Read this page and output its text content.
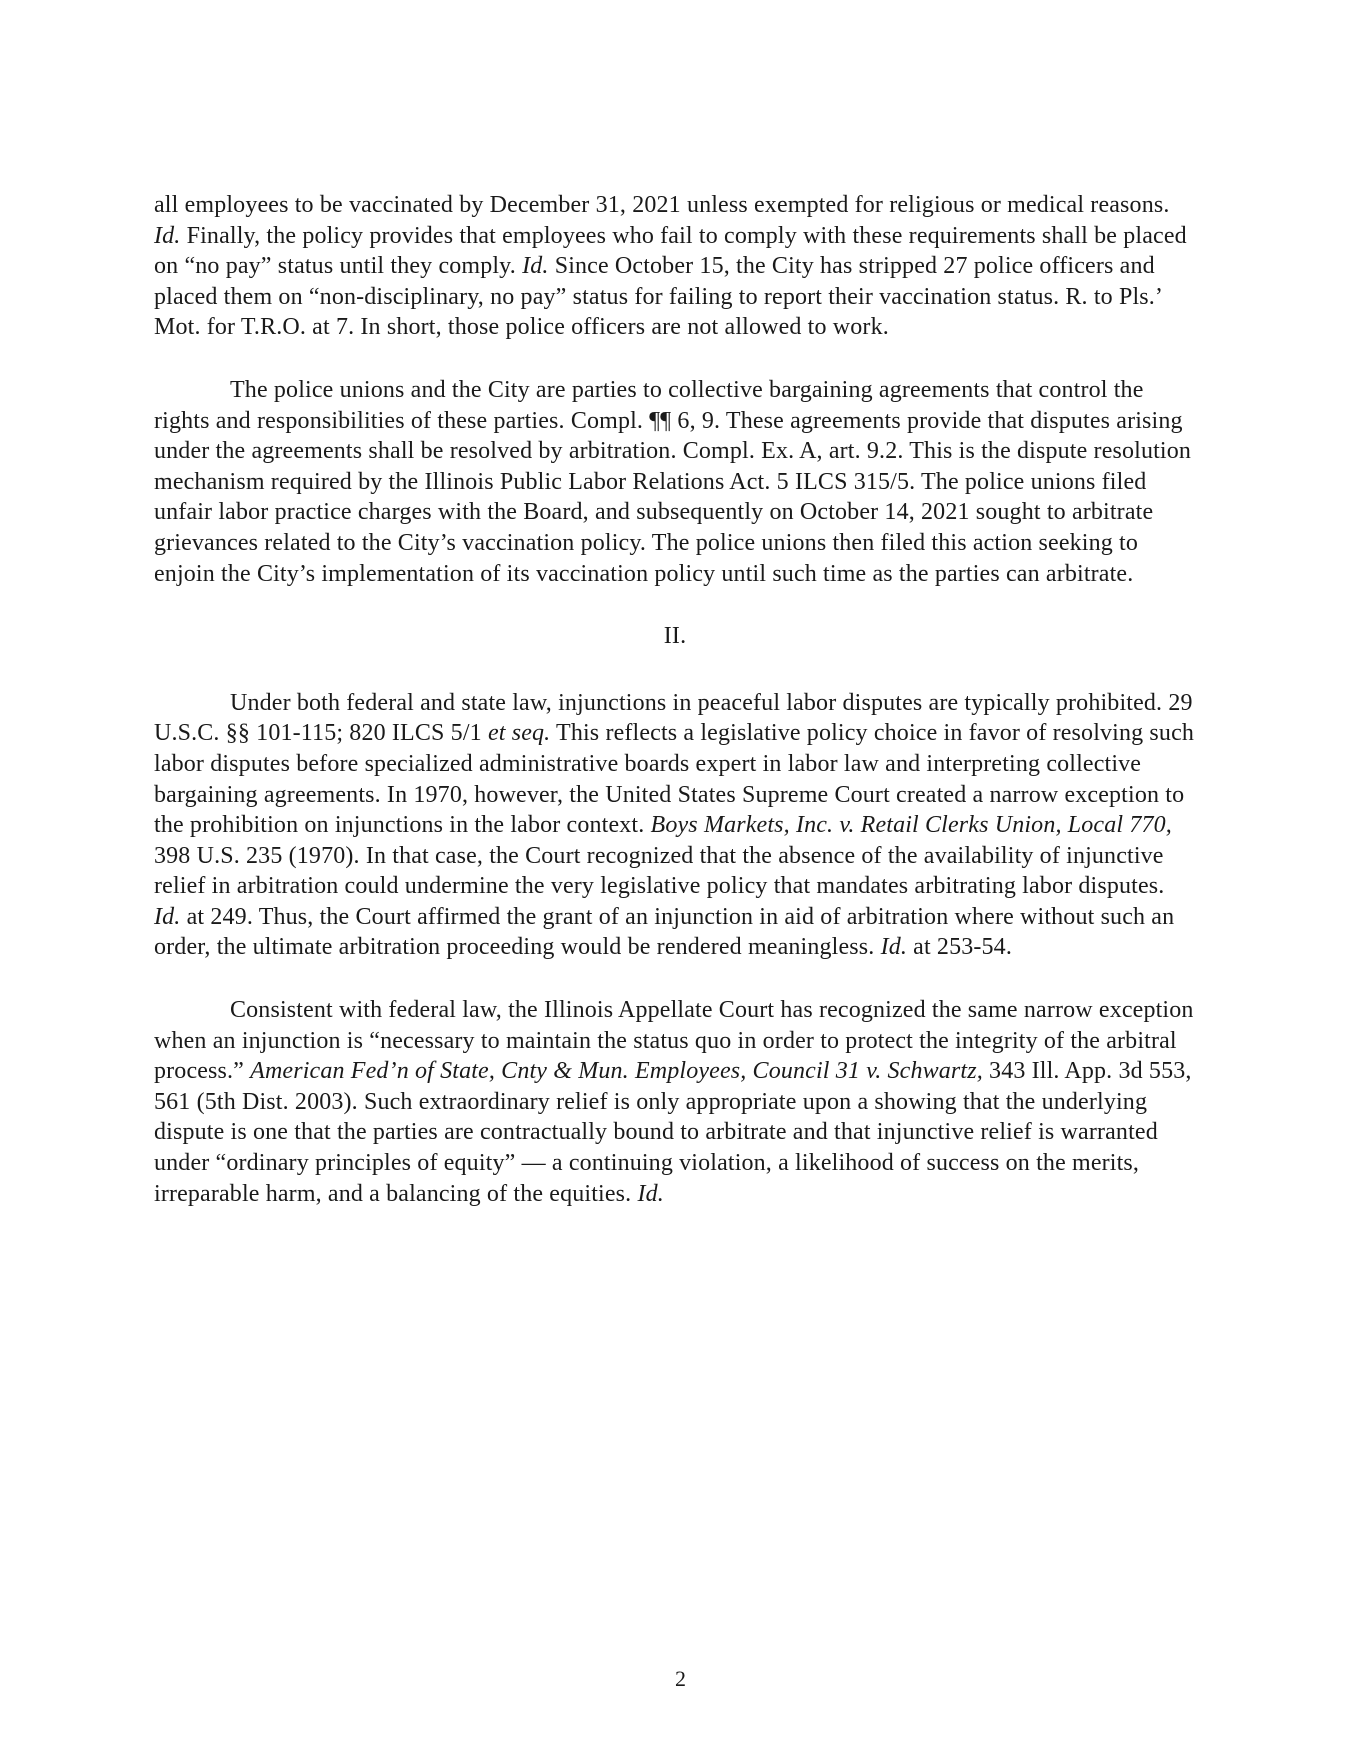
all employees to be vaccinated by December 31, 2021 unless exempted for religious or medical reasons. Id. Finally, the policy provides that employees who fail to comply with these requirements shall be placed on “no pay” status until they comply. Id. Since October 15, the City has stripped 27 police officers and placed them on “non-disciplinary, no pay” status for failing to report their vaccination status. R. to Pls.’ Mot. for T.R.O. at 7. In short, those police officers are not allowed to work.

The police unions and the City are parties to collective bargaining agreements that control the rights and responsibilities of these parties. Compl. ¶¶ 6, 9. These agreements provide that disputes arising under the agreements shall be resolved by arbitration. Compl. Ex. A, art. 9.2. This is the dispute resolution mechanism required by the Illinois Public Labor Relations Act. 5 ILCS 315/5. The police unions filed unfair labor practice charges with the Board, and subsequently on October 14, 2021 sought to arbitrate grievances related to the City’s vaccination policy. The police unions then filed this action seeking to enjoin the City’s implementation of its vaccination policy until such time as the parties can arbitrate.

II.

Under both federal and state law, injunctions in peaceful labor disputes are typically prohibited. 29 U.S.C. §§ 101-115; 820 ILCS 5/1 et seq. This reflects a legislative policy choice in favor of resolving such labor disputes before specialized administrative boards expert in labor law and interpreting collective bargaining agreements. In 1970, however, the United States Supreme Court created a narrow exception to the prohibition on injunctions in the labor context. Boys Markets, Inc. v. Retail Clerks Union, Local 770, 398 U.S. 235 (1970). In that case, the Court recognized that the absence of the availability of injunctive relief in arbitration could undermine the very legislative policy that mandates arbitrating labor disputes. Id. at 249. Thus, the Court affirmed the grant of an injunction in aid of arbitration where without such an order, the ultimate arbitration proceeding would be rendered meaningless. Id. at 253-54.

Consistent with federal law, the Illinois Appellate Court has recognized the same narrow exception when an injunction is “necessary to maintain the status quo in order to protect the integrity of the arbitral process.” American Fed’n of State, Cnty & Mun. Employees, Council 31 v. Schwartz, 343 Ill. App. 3d 553, 561 (5th Dist. 2003). Such extraordinary relief is only appropriate upon a showing that the underlying dispute is one that the parties are contractually bound to arbitrate and that injunctive relief is warranted under “ordinary principles of equity” — a continuing violation, a likelihood of success on the merits, irreparable harm, and a balancing of the equities. Id.

2
